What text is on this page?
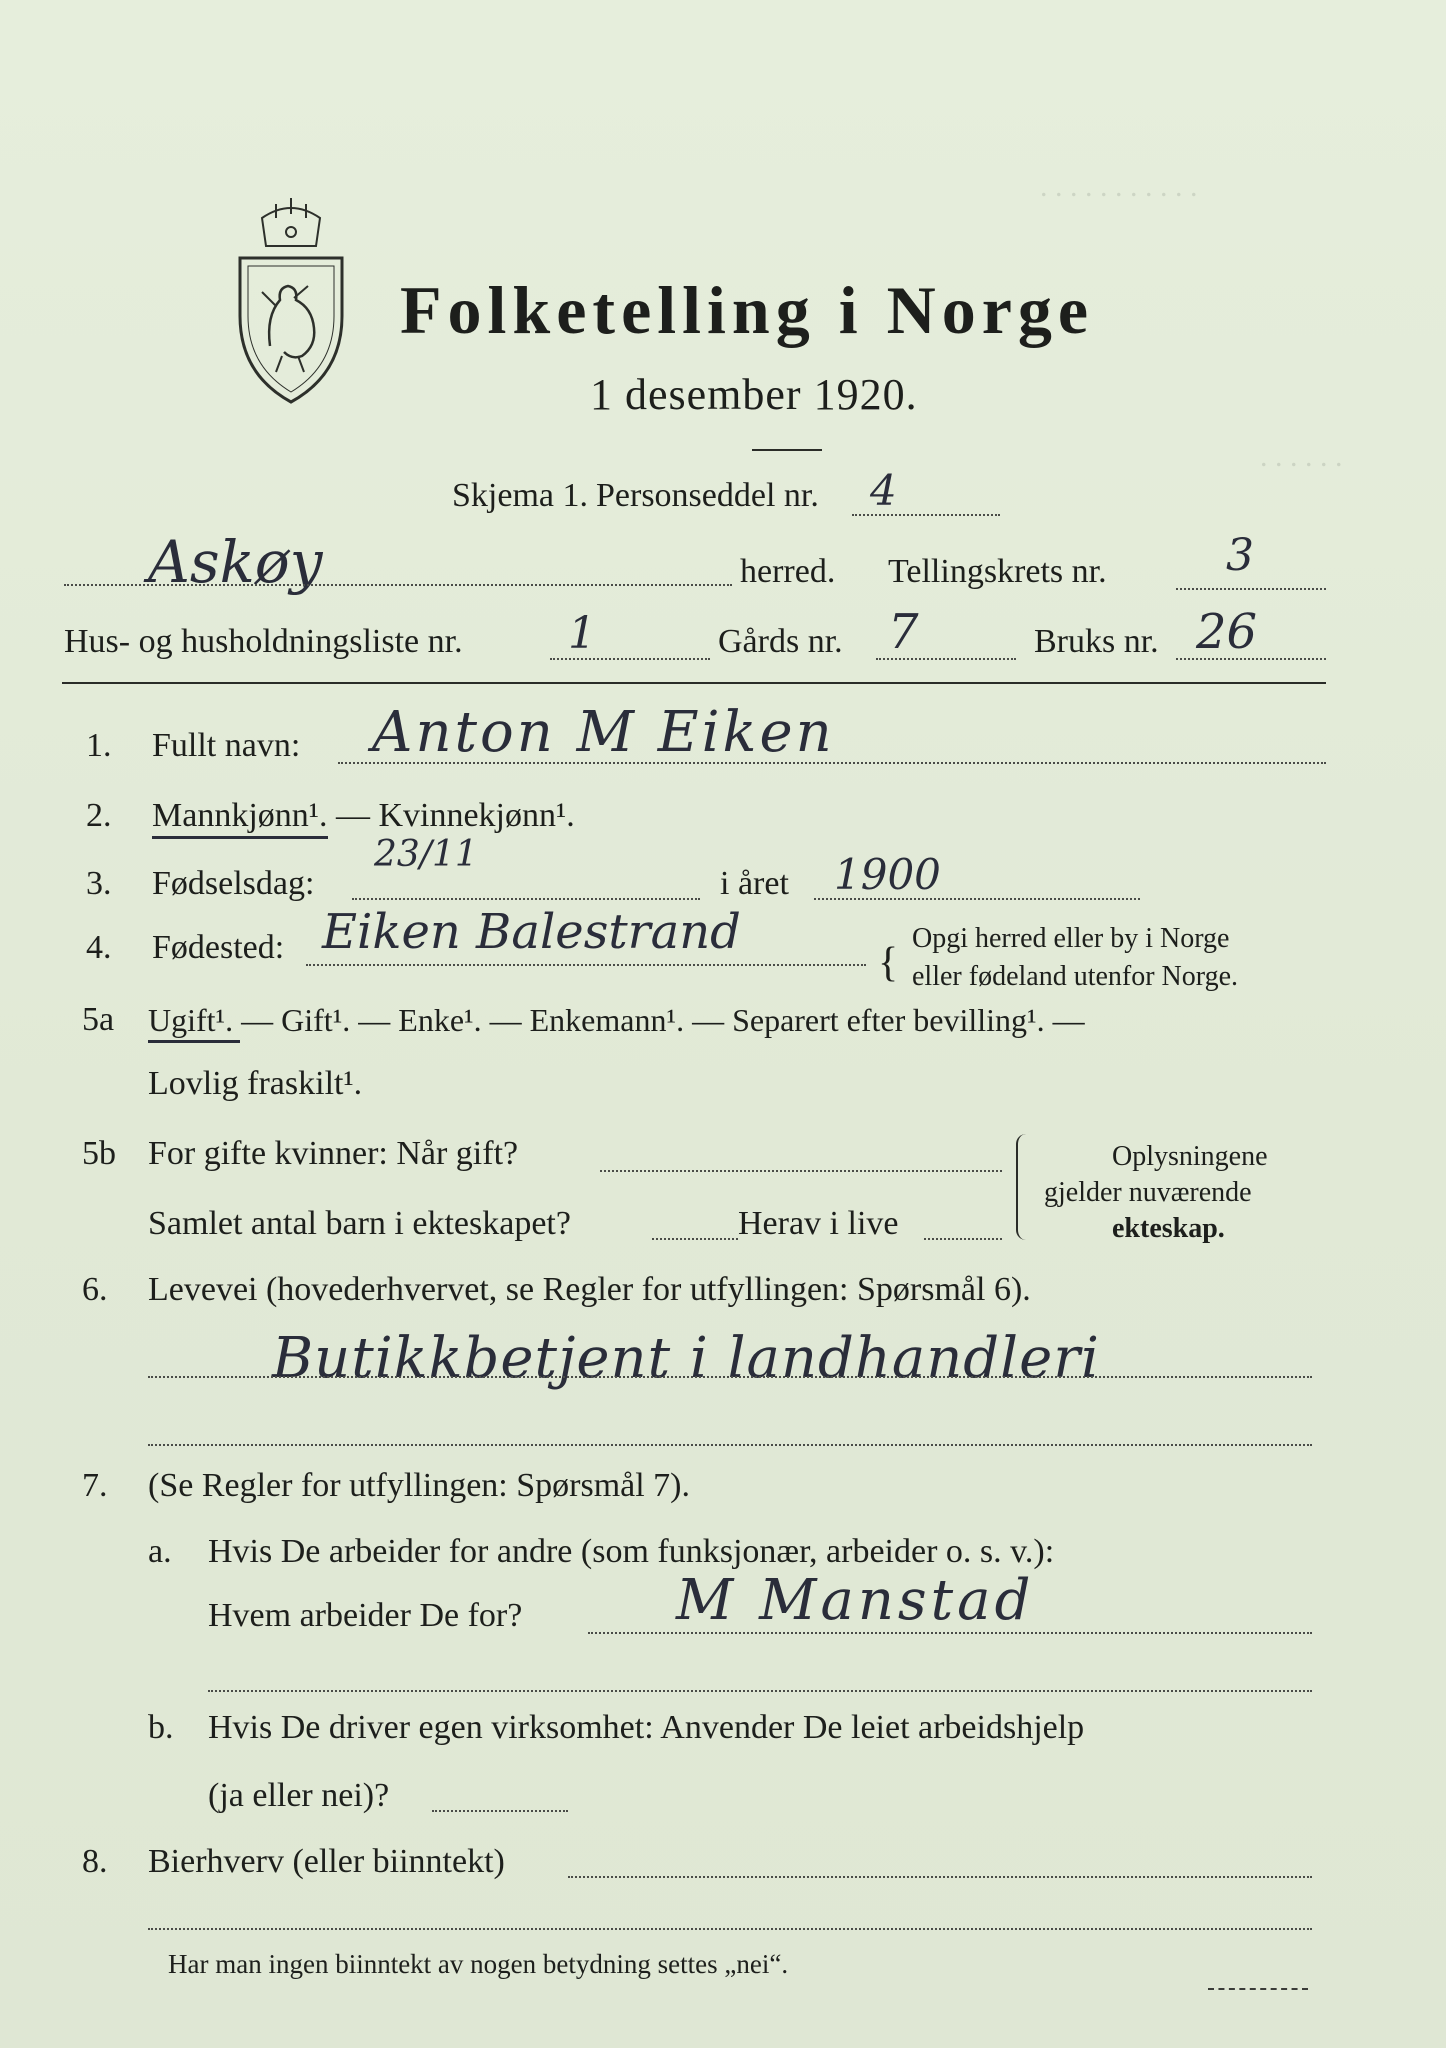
. . . . . . . . . . .
. . . . . .
Folketelling i Norge
1 desember 1920.
Skjema 1. Personseddel nr. 4
Askøy	herred. Tellingskrets nr.	3
Hus- og husholdningsliste nr. 1	Gårds nr. 7	Bruks nr. 26
1. Fullt navn: Anton M Eiken
2. Mannkjønn¹. — Kvinnekjønn¹.
3. Fødselsdag:
23/11
i året 1900
4. Fødested: Eiken Balestrand
{
Opgi herred eller by i Norge
eller fødeland utenfor Norge.
5a Ugift¹. — Gift¹. — Enke¹. — Enkemann¹. — Separert efter bevilling¹. —
Lovlig fraskilt¹.
5b For gifte kvinner: Når gift?
Samlet antal barn i ekteskapet?	Herav i live
Oplysningene
gjelder nuværende
ekteskap.
6. Levevei (hovederhvervet, se Regler for utfyllingen: Spørsmål 6).
Butikkbetjent i landhandleri
7. (Se Regler for utfyllingen: Spørsmål 7).
a. Hvis De arbeider for andre (som funksjonær, arbeider o. s. v.):
Hvem arbeider De for?	M Manstad
b. Hvis De driver egen virksomhet: Anvender De leiet arbeidshjelp
(ja eller nei)?
8. Bierhverv (eller biinntekt)
Har man ingen biinntekt av nogen betydning settes „nei“.
